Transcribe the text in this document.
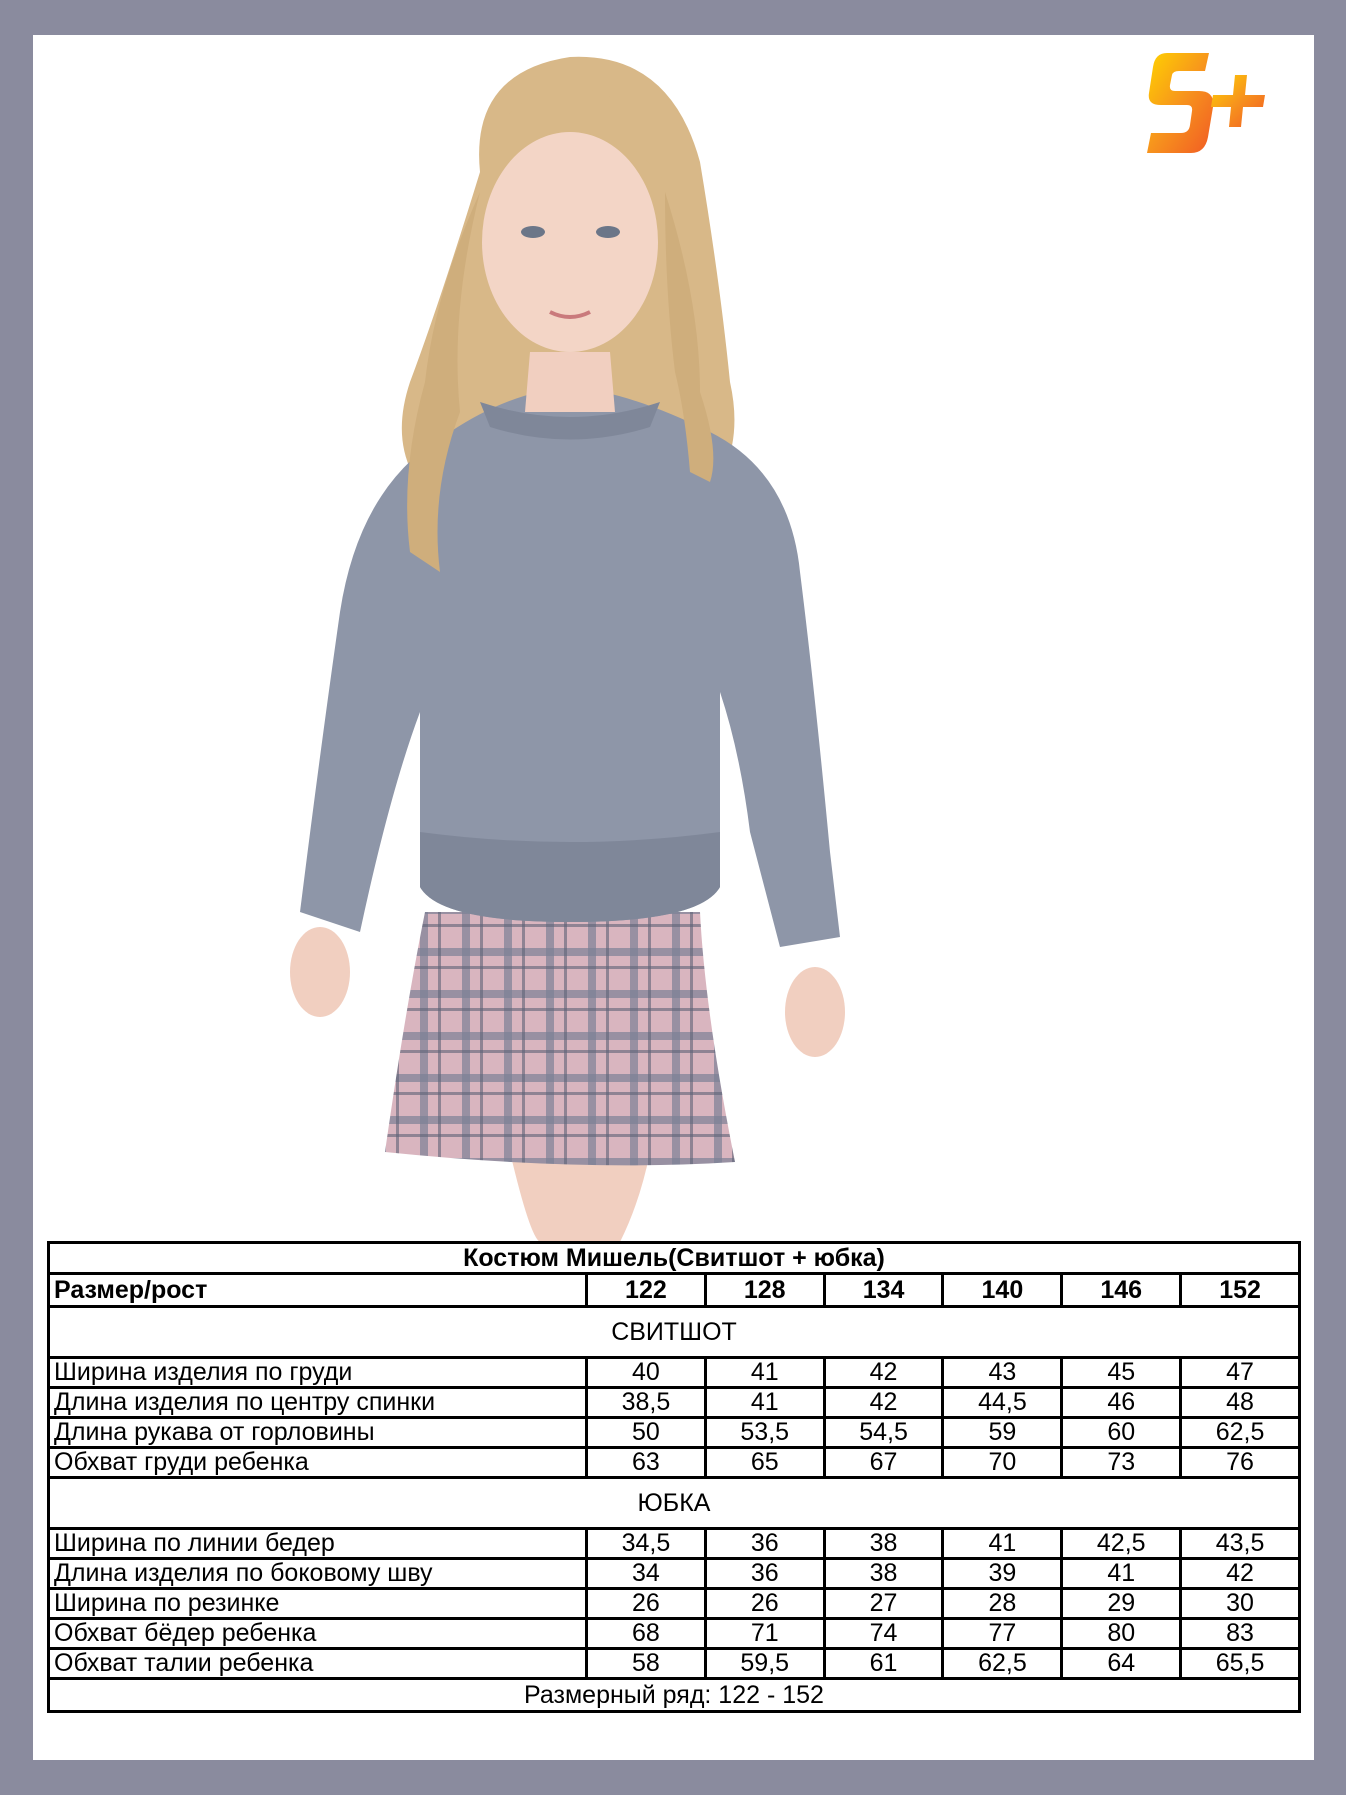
Костюм Мишель(Свитшот + юбка)						
Размер/рост	122	128	134	140	146	152
СВИТШОТ						
Ширина изделия по груди	40	41	42	43	45	47
Длина изделия по центру спинки	38,5	41	42	44,5	46	48
Длина рукава от горловины	50	53,5	54,5	59	60	62,5
Обхват груди ребенка	63	65	67	70	73	76
ЮБКА						
Ширина по линии бедер	34,5	36	38	41	42,5	43,5
Длина изделия по боковому шву	34	36	38	39	41	42
Ширина по резинке	26	26	27	28	29	30
Обхват бёдер ребенка	68	71	74	77	80	83
Обхват талии ребенка	58	59,5	61	62,5	64	65,5
Размерный ряд: 122 - 152						
